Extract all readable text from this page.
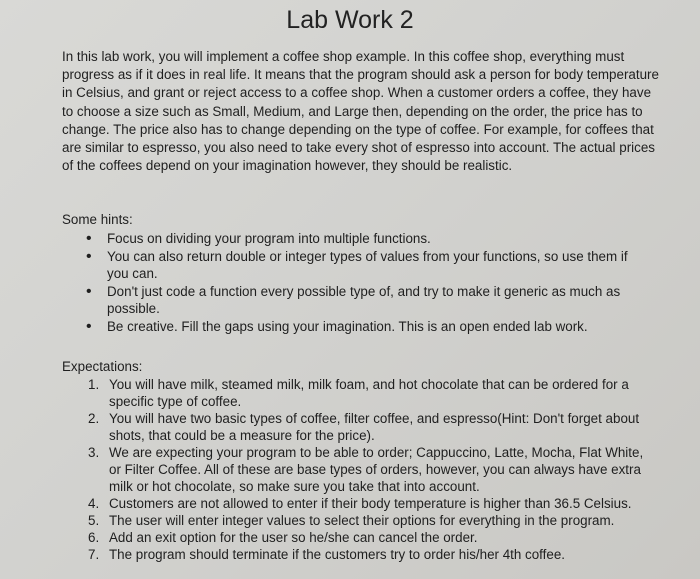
Lab Work 2

In this lab work, you will implement a coffee shop example. In this coffee shop, everything must progress as if it does in real life. It means that the program should ask a person for body temperature in Celsius, and grant or reject access to a coffee shop. When a customer orders a coffee, they have to choose a size such as Small, Medium, and Large then, depending on the order, the price has to change. The price also has to change depending on the type of coffee. For example, for coffees that are similar to espresso, you also need to take every shot of espresso into account. The actual prices of the coffees depend on your imagination however, they should be realistic.

Some hints:
• Focus on dividing your program into multiple functions.
• You can also return double or integer types of values from your functions, so use them if you can.
• Don't just code a function every possible type of, and try to make it generic as much as possible.
• Be creative. Fill the gaps using your imagination. This is an open ended lab work.
Expectations:
1. You will have milk, steamed milk, milk foam, and hot chocolate that can be ordered for a specific type of coffee.
2. You will have two basic types of coffee, filter coffee, and espresso(Hint: Don't forget about shots, that could be a measure for the price).
3. We are expecting your program to be able to order; Cappuccino, Latte, Mocha, Flat White, or Filter Coffee. All of these are base types of orders, however, you can always have extra milk or hot chocolate, so make sure you take that into account.
4. Customers are not allowed to enter if their body temperature is higher than 36.5 Celsius.
5. The user will enter integer values to select their options for everything in the program.
6. Add an exit option for the user so he/she can cancel the order.
7. The program should terminate if the customers try to order his/her 4th coffee.
